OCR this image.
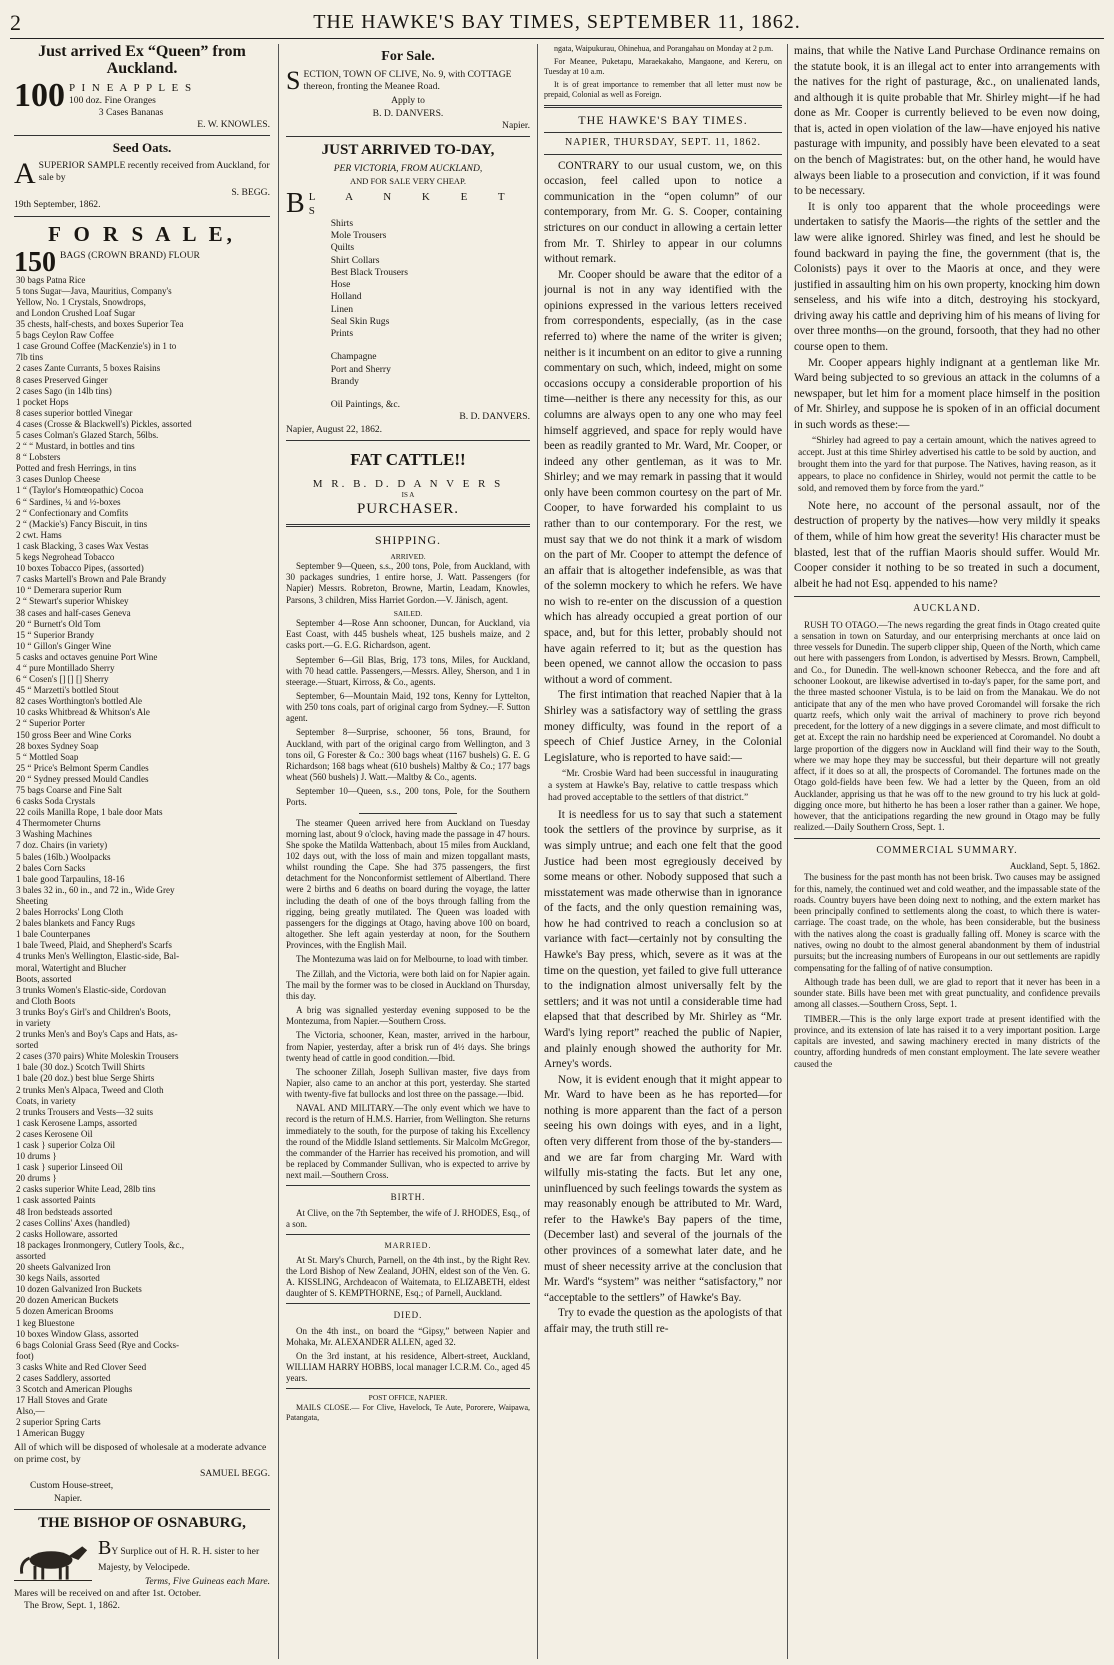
2	THE HAWKE'S BAY TIMES, SEPTEMBER 11, 1862.
Just arrived Ex “Queen” from Auckland.
100 P I N E A P P L E S
100 doz. Fine Oranges
3 Cases Bananas
E. W. KNOWLES.
Seed Oats.
ASUPERIOR SAMPLE recently received from Auckland, for sale by
S. BEGG.
19th September, 1862.
F O R S A L E,
150 BAGS (CROWN BRAND) FLOUR
30 bags Patna Rice
5 tons Sugar—Java, Mauritius, Company's
Yellow, No. 1 Crystals, Snowdrops,
and London Crushed Loaf Sugar
35 chests, half-chests, and boxes Superior Tea
5 bags Ceylon Raw Coffee
1 case Ground Coffee (MacKenzie's) in 1 to
7lb tins
2 cases Zante Currants, 5 boxes Raisins
8 cases Preserved Ginger
2 cases Sago (in 14lb tins)
1 pocket Hops
8 cases superior bottled Vinegar
4 cases (Crosse & Blackwell's) Pickles, assorted
5 cases Colman's Glazed Starch, 56lbs.
2 “ “ Mustard, in bottles and tins
8 “ Lobsters
Potted and fresh Herrings, in tins
3 cases Dunlop Cheese
1 “ (Taylor's Homœopathic) Cocoa
6 “ Sardines, ¼ and ½-boxes
2 “ Confectionary and Comfits
2 “ (Mackie's) Fancy Biscuit, in tins
2 cwt. Hams
1 cask Blacking, 3 cases Wax Vestas
5 kegs Negrohead Tobacco
10 boxes Tobacco Pipes, (assorted)
7 casks Martell's Brown and Pale Brandy
10 “ Demerara superior Rum
2 “ Stewart's superior Whiskey
38 cases and half-cases Geneva
20 “ Burnett's Old Tom
15 “ Superior Brandy
10 “ Gillon's Ginger Wine
5 casks and octaves genuine Port Wine
4 “ pure Montillado Sherry
6 “ Cosen's [] [] [] Sherry
45 “ Marzetti's bottled Stout
82 cases Worthington's bottled Ale
10 casks Whitbread & Whitson's Ale
2 “ Superior Porter
150 gross Beer and Wine Corks
28 boxes Sydney Soap
5 “ Mottled Soap
25 “ Price's Belmont Sperm Candles
20 “ Sydney pressed Mould Candles
75 bags Coarse and Fine Salt
6 casks Soda Crystals
22 coils Manilla Rope, 1 bale door Mats
4 Thermometer Churns
3 Washing Machines
7 doz. Chairs (in variety)
5 bales (16lb.) Woolpacks
2 bales Corn Sacks
1 bale good Tarpaulins, 18-16
3 bales 32 in., 60 in., and 72 in., Wide Grey
Sheeting
2 bales Horrocks' Long Cloth
2 bales blankets and Fancy Rugs
1 bale Counterpanes
1 bale Tweed, Plaid, and Shepherd's Scarfs
4 trunks Men's Wellington, Elastic-side, Bal-
moral, Watertight and Blucher
Boots, assorted
3 trunks Women's Elastic-side, Cordovan
and Cloth Boots
3 trunks Boy's Girl's and Children's Boots,
in variety
2 trunks Men's and Boy's Caps and Hats, as-
sorted
2 cases (370 pairs) White Moleskin Trousers
1 bale (30 doz.) Scotch Twill Shirts
1 bale (20 doz.) best blue Serge Shirts
2 trunks Men's Alpaca, Tweed and Cloth
Coats, in variety
2 trunks Trousers and Vests—32 suits
1 cask Kerosene Lamps, assorted
2 cases Kerosene Oil
1 cask } superior Colza Oil
10 drums }
1 cask } superior Linseed Oil
20 drums }
2 casks superior White Lead, 28lb tins
1 cask assorted Paints
48 Iron bedsteads assorted
2 cases Collins' Axes (handled)
2 casks Holloware, assorted
18 packages Ironmongery, Cutlery Tools, &c.,
assorted
20 sheets Galvanized Iron
30 kegs Nails, assorted
10 dozen Galvanized Iron Buckets
20 dozen American Buckets
5 dozen American Brooms
1 keg Bluestone
10 boxes Window Glass, assorted
6 bags Colonial Grass Seed (Rye and Cocks-
foot)
3 casks White and Red Clover Seed
2 cases Saddlery, assorted
3 Scotch and American Ploughs
17 Hall Stoves and Grate
Also,—
2 superior Spring Carts
1 American Buggy
All of which will be disposed of wholesale at a moderate advance on prime cost, by
SAMUEL BEGG.
Custom House-street,
Napier.
THE BISHOP OF OSNABURG,
BY Surplice out of H. R. H. sister to her Majesty, by Velocipede.
Terms, Five Guineas each Mare.
Mares will be received on and after 1st. October.
The Brow, Sept. 1, 1862.
For Sale.
SECTION, TOWN OF CLIVE, No. 9, with COTTAGE thereon, fronting the Meanee Road.
Apply to
B. D. DANVERS.
Napier.
JUST ARRIVED TO-DAY,
PER VICTORIA, FROM AUCKLAND,
AND FOR SALE VERY CHEAP.
B L A N K E T S
Shirts
Mole Trousers
Quilts
Shirt Collars
Best Black Trousers
Hose
Holland
Linen
Seal Skin Rugs
Prints
Champagne
Port and Sherry
Brandy
Oil Paintings, &c.
B. D. DANVERS.
Napier, August 22, 1862.
FAT CATTLE!!
M R. B. D. D A N V E R S
IS A
PURCHASER.
SHIPPING.
ARRIVED.

September 9—Queen, s.s., 200 tons, Pole, from Auckland, with 30 packages sundries, 1 entire horse, J. Watt. Passengers (for Napier) Messrs. Robreton, Browne, Martin, Leadam, Knowles, Parsons, 3 children, Miss Harriet Gordon.—V. Jänisch, agent.

SAILED.

September 4—Rose Ann schooner, Duncan, for Auckland, via East Coast, with 445 bushels wheat, 125 bushels maize, and 2 casks port.—G. E.G. Richardson, agent.

September 6—Gil Blas, Brig, 173 tons, Miles, for Auckland, with 70 head cattle. Passengers,—Messrs. Alley, Sherson, and 1 in steerage.—Stuart, Kirross, & Co., agents.

September, 6—Mountain Maid, 192 tons, Kenny for Lyttelton, with 250 tons coals, part of original cargo from Sydney.—F. Sutton agent.

September 8—Surprise, schooner, 56 tons, Braund, for Auckland, with part of the original cargo from Wellington, and 3 tons oil, G Forester & Co.: 300 bags wheat (1167 bushels) G. E. G Richardson; 168 bags wheat (610 bushels) Maltby & Co.; 177 bags wheat (560 bushels) J. Watt.—Maltby & Co., agents.

September 10—Queen, s.s., 200 tons, Pole, for the Southern Ports.

The steamer Queen arrived here from Auckland on Tuesday morning last, about 9 o'clock, having made the passage in 47 hours. She spoke the Matilda Wattenbach, about 15 miles from Auckland, 102 days out, with the loss of main and mizen topgallant masts, whilst rounding the Cape. She had 375 passengers, the first detachment for the Nonconformist settlement of Albertland. There were 2 births and 6 deaths on board during the voyage, the latter including the death of one of the boys through falling from the rigging, being greatly mutilated. The Queen was loaded with passengers for the diggings at Otago, having above 100 on board, altogether. She left again yesterday at noon, for the Southern Provinces, with the English Mail.

The Montezuma was laid on for Melbourne, to load with timber.

The Zillah, and the Victoria, were both laid on for Napier again. The mail by the former was to be closed in Auckland on Thursday, this day.

A brig was signalled yesterday evening supposed to be the Montezuma, from Napier.—Southern Cross.

The Victoria, schooner, Kean, master, arrived in the harbour, from Napier, yesterday, after a brisk run of 4½ days. She brings twenty head of cattle in good condition.—Ibid.

The schooner Zillah, Joseph Sullivan master, five days from Napier, also came to an anchor at this port, yesterday. She started with twenty-five fat bullocks and lost three on the passage.—Ibid.

NAVAL AND MILITARY.—The only event which we have to record is the return of H.M.S. Harrier, from Wellington. She returns immediately to the south, for the purpose of taking his Excellency the round of the Middle Island settlements. Sir Malcolm McGregor, the commander of the Harrier has received his promotion, and will be replaced by Commander Sullivan, who is expected to arrive by next mail.—Southern Cross.

BIRTH.

At Clive, on the 7th September, the wife of J. RHODES, Esq., of a son.

MARRIED.

At St. Mary's Church, Parnell, on the 4th inst., by the Right Rev. the Lord Bishop of New Zealand, JOHN, eldest son of the Ven. G. A. KISSLING, Archdeacon of Waitemata, to ELIZABETH, eldest daughter of S. KEMPTHORNE, Esq.; of Parnell, Auckland.

DIED.

On the 4th inst., on board the “Gipsy,” between Napier and Mohaka, Mr. ALEXANDER ALLEN, aged 32.

On the 3rd instant, at his residence, Albert-street, Auckland, WILLIAM HARRY HOBBS, local manager I.C.R.M. Co., aged 45 years.

POST OFFICE, NAPIER.

MAILS CLOSE.— For Clive, Havelock, Te Aute, Pororere, Waipawa, Patangata,

ngata, Waipukurau, Ohinehua, and Porangahau on Monday at 2 p.m.

For Meanee, Puketapu, Maraekakaho, Mangaone, and Kereru, on Tuesday at 10 a.m.

It is of great importance to remember that all letter must now be prepaid, Colonial as well as Foreign.

THE HAWKE'S BAY TIMES.
NAPIER, THURSDAY, SEPT. 11, 1862.

CONTRARY to our usual custom, we, on this occasion, feel called upon to notice a communication in the “open column” of our contemporary, from Mr. G. S. Cooper, containing strictures on our conduct in allowing a certain letter from Mr. T. Shirley to appear in our columns without remark.

Mr. Cooper should be aware that the editor of a journal is not in any way identified with the opinions expressed in the various letters received from correspondents, especially, (as in the case referred to) where the name of the writer is given; neither is it incumbent on an editor to give a running commentary on such, which, indeed, might on some occasions occupy a considerable proportion of his time—neither is there any necessity for this, as our columns are always open to any one who may feel himself aggrieved, and space for reply would have been as readily granted to Mr. Ward, Mr. Cooper, or indeed any other gentleman, as it was to Mr. Shirley; and we may remark in passing that it would only have been common courtesy on the part of Mr. Cooper, to have forwarded his complaint to us rather than to our contemporary. For the rest, we must say that we do not think it a mark of wisdom on the part of Mr. Cooper to attempt the defence of an affair that is altogether indefensible, as was that of the solemn mockery to which he refers. We have no wish to re-enter on the discussion of a question which has already occupied a great portion of our space, and, but for this letter, probably should not have again referred to it; but as the question has been opened, we cannot allow the occasion to pass without a word of comment.

The first intimation that reached Napier that à la Shirley was a satisfactory way of settling the grass money difficulty, was found in the report of a speech of Chief Justice Arney, in the Colonial Legislature, who is reported to have said:—

“Mr. Crosbie Ward had been successful in inaugurating a system at Hawke's Bay, relative to cattle trespass which had proved acceptable to the settlers of that district.”

It is needless for us to say that such a statement took the settlers of the province by surprise, as it was simply untrue; and each one felt that the good Justice had been most egregiously deceived by some means or other. Nobody supposed that such a misstatement was made otherwise than in ignorance of the facts, and the only question remaining was, how he had contrived to reach a conclusion so at variance with fact—certainly not by consulting the Hawke's Bay press, which, severe as it was at the time on the question, yet failed to give full utterance to the indignation almost universally felt by the settlers; and it was not until a considerable time had elapsed that that described by Mr. Shirley as “Mr. Ward's lying report” reached the public of Napier, and plainly enough showed the authority for Mr. Arney's words.

Now, it is evident enough that it might appear to Mr. Ward to have been as he has reported—for nothing is more apparent than the fact of a person seeing his own doings with eyes, and in a light, often very different from those of the by-standers—and we are far from charging Mr. Ward with wilfully mis-stating the facts. But let any one, uninfluenced by such feelings towards the system as may reasonably enough be attributed to Mr. Ward, refer to the Hawke's Bay papers of the time, (December last) and several of the journals of the other provinces of a somewhat later date, and he must of sheer necessity arrive at the conclusion that Mr. Ward's “system” was neither “satisfactory,” nor “acceptable to the settlers” of Hawke's Bay.

Try to evade the question as the apologists of that affair may, the truth still re-

mains, that while the Native Land Purchase Ordinance remains on the statute book, it is an illegal act to enter into arrangements with the natives for the right of pasturage, &c., on unalienated lands, and although it is quite probable that Mr. Shirley might—if he had done as Mr. Cooper is currently believed to be even now doing, that is, acted in open violation of the law—have enjoyed his native pasturage with impunity, and possibly have been elevated to a seat on the bench of Magistrates: but, on the other hand, he would have always been liable to a prosecution and conviction, if it was found to be necessary.

It is only too apparent that the whole proceedings were undertaken to satisfy the Maoris—the rights of the settler and the law were alike ignored. Shirley was fined, and lest he should be found backward in paying the fine, the government (that is, the Colonists) pays it over to the Maoris at once, and they were justified in assaulting him on his own property, knocking him down senseless, and his wife into a ditch, destroying his stockyard, driving away his cattle and depriving him of his means of living for over three months—on the ground, forsooth, that they had no other course open to them.

Mr. Cooper appears highly indignant at a gentleman like Mr. Ward being subjected to so grevious an attack in the columns of a newspaper, but let him for a moment place himself in the position of Mr. Shirley, and suppose he is spoken of in an official document in such words as these:—

“Shirley had agreed to pay a certain amount, which the natives agreed to accept. Just at this time Shirley advertised his cattle to be sold by auction, and brought them into the yard for that purpose. The Natives, having reason, as it appears, to place no confidence in Shirley, would not permit the cattle to be sold, and removed them by force from the yard.”

Note here, no account of the personal assault, nor of the destruction of property by the natives—how very mildly it speaks of them, while of him how great the severity! His character must be blasted, lest that of the ruffian Maoris should suffer. Would Mr. Cooper consider it nothing to be so treated in such a document, albeit he had not Esq. appended to his name?

AUCKLAND.

RUSH TO OTAGO.—The news regarding the great finds in Otago created quite a sensation in town on Saturday, and our enterprising merchants at once laid on three vessels for Dunedin. The superb clipper ship, Queen of the North, which came out here with passengers from London, is advertised by Messrs. Brown, Campbell, and Co., for Dunedin. The well-known schooner Rebecca, and the fore and aft schooner Lookout, are likewise advertised in to-day's paper, for the same port, and the three masted schooner Vistula, is to be laid on from the Manakau. We do not anticipate that any of the men who have proved Coromandel will forsake the rich quartz reefs, which only wait the arrival of machinery to prove rich beyond precedent, for the lottery of a new diggings in a severe climate, and most difficult to get at. Except the rain no hardship need be experienced at Coromandel. No doubt a large proportion of the diggers now in Auckland will find their way to the South, where we may hope they may be successful, but their departure will not greatly affect, if it does so at all, the prospects of Coromandel. The fortunes made on the Otago gold-fields have been few. We had a letter by the Queen, from an old Aucklander, apprising us that he was off to the new ground to try his luck at gold-digging once more, but hitherto he has been a loser rather than a gainer. We hope, however, that the anticipations regarding the new ground in Otago may be fully realized.—Daily Southern Cross, Sept. 1.

COMMERCIAL SUMMARY.
Auckland, Sept. 5, 1862.

The business for the past month has not been brisk. Two causes may be assigned for this, namely, the continued wet and cold weather, and the impassable state of the roads. Country buyers have been doing next to nothing, and the extern market has been principally confined to settlements along the coast, to which there is water-carriage. The coast trade, on the whole, has been considerable, but the business with the natives along the coast is gradually falling off. Money is scarce with the natives, owing no doubt to the almost general abandonment by them of industrial pursuits; but the increasing numbers of Europeans in our out settlements are rapidly compensating for the falling of of native consumption.

Although trade has been dull, we are glad to report that it never has been in a sounder state. Bills have been met with great punctuality, and confidence prevails among all classes.—Southern Cross, Sept. 1.

TIMBER.—This is the only large export trade at present identified with the province, and its extension of late has raised it to a very important position. Large capitals are invested, and sawing machinery erected in many districts of the country, affording hundreds of men constant employment. The late severe weather caused the
